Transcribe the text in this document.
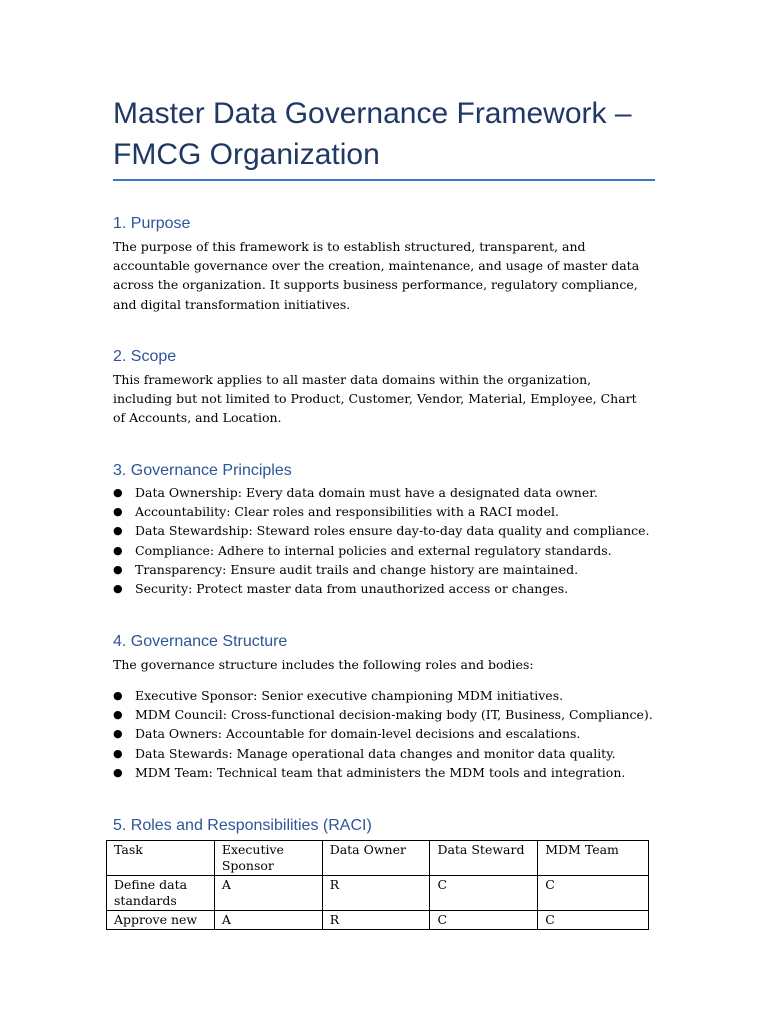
Master Data Governance Framework – FMCG Organization
1. Purpose

The purpose of this framework is to establish structured, transparent, and accountable governance over the creation, maintenance, and usage of master data across the organization. It supports business performance, regulatory compliance, and digital transformation initiatives.

2. Scope

This framework applies to all master data domains within the organization, including but not limited to Product, Customer, Vendor, Material, Employee, Chart of Accounts, and Location.

3. Governance Principles
● Data Ownership: Every data domain must have a designated data owner.
● Accountability: Clear roles and responsibilities with a RACI model.
● Data Stewardship: Steward roles ensure day-to-day data quality and compliance.
● Compliance: Adhere to internal policies and external regulatory standards.
● Transparency: Ensure audit trails and change history are maintained.
● Security: Protect master data from unauthorized access or changes.
4. Governance Structure

The governance structure includes the following roles and bodies:

● Executive Sponsor: Senior executive championing MDM initiatives.
● MDM Council: Cross-functional decision-making body (IT, Business, Compliance).
● Data Owners: Accountable for domain-level decisions and escalations.
● Data Stewards: Manage operational data changes and monitor data quality.
● MDM Team: Technical team that administers the MDM tools and integration.
5. Roles and Responsibilities (RACI)
Task	Executive Sponsor	Data Owner	Data Steward	MDM Team
Define data standards	A	R	C	C
Approve new	A	R	C	C
